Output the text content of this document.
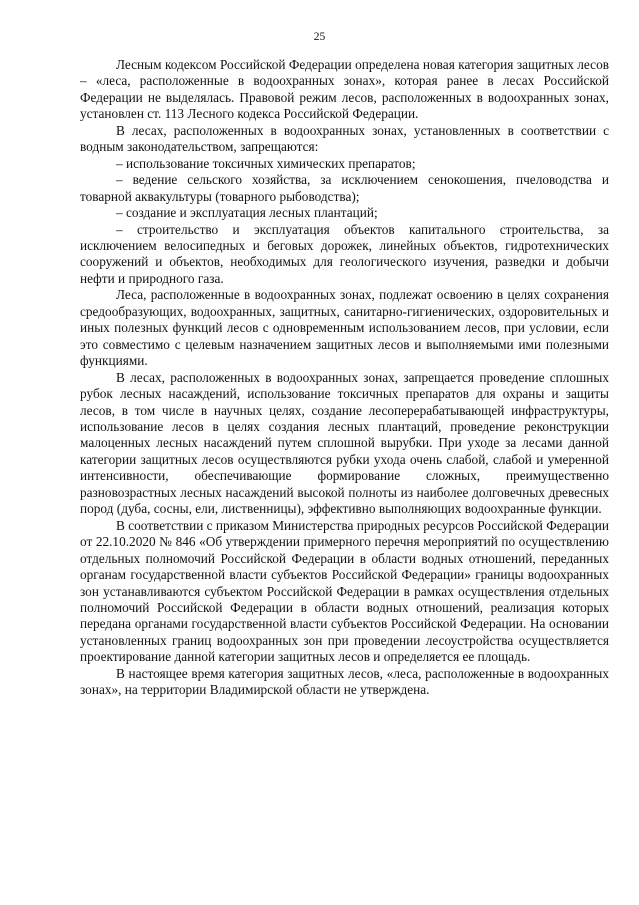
25

Лесным кодексом Российской Федерации определена новая категория защитных лесов – «леса, расположенные в водоохранных зонах», которая ранее в лесах Российской Федерации не выделялась. Правовой режим лесов, расположенных в водоохранных зонах, установлен ст. 113 Лесного кодекса Российской Федерации.

В лесах, расположенных в водоохранных зонах, установленных в соответствии с водным законодательством, запрещаются:

– использование токсичных химических препаратов;

– ведение сельского хозяйства, за исключением сенокошения, пчеловодства и товарной аквакультуры (товарного рыбоводства);

– создание и эксплуатация лесных плантаций;

– строительство и эксплуатация объектов капитального строительства, за исключением велосипедных и беговых дорожек, линейных объектов, гидротехнических сооружений и объектов, необходимых для геологического изучения, разведки и добычи нефти и природного газа.

Леса, расположенные в водоохранных зонах, подлежат освоению в целях сохранения средообразующих, водоохранных, защитных, санитарно-гигиенических, оздоровительных и иных полезных функций лесов с одновременным использованием лесов, при условии, если это совместимо с целевым назначением защитных лесов и выполняемыми ими полезными функциями.

В лесах, расположенных в водоохранных зонах, запрещается проведение сплошных рубок лесных насаждений, использование токсичных препаратов для охраны и защиты лесов, в том числе в научных целях, создание лесоперерабатывающей инфраструктуры, использование лесов в целях создания лесных плантаций, проведение реконструкции малоценных лесных насаждений путем сплошной вырубки. При уходе за лесами данной категории защитных лесов осуществляются рубки ухода очень слабой, слабой и умеренной интенсивности, обеспечивающие формирование сложных, преимущественно разновозрастных лесных насаждений высокой полноты из наиболее долговечных древесных пород (дуба, сосны, ели, лиственницы), эффективно выполняющих водоохранные функции.

В соответствии с приказом Министерства природных ресурсов Российской Федерации от 22.10.2020 № 846 «Об утверждении примерного перечня мероприятий по осуществлению отдельных полномочий Российской Федерации в области водных отношений, переданных органам государственной власти субъектов Российской Федерации» границы водоохранных зон устанавливаются субъектом Российской Федерации в рамках осуществления отдельных полномочий Российской Федерации в области водных отношений, реализация которых передана органами государственной власти субъектов Российской Федерации. На основании установленных границ водоохранных зон при проведении лесоустройства осуществляется проектирование данной категории защитных лесов и определяется ее площадь.

В настоящее время категория защитных лесов, «леса, расположенные в водоохранных зонах», на территории Владимирской области не утверждена.
